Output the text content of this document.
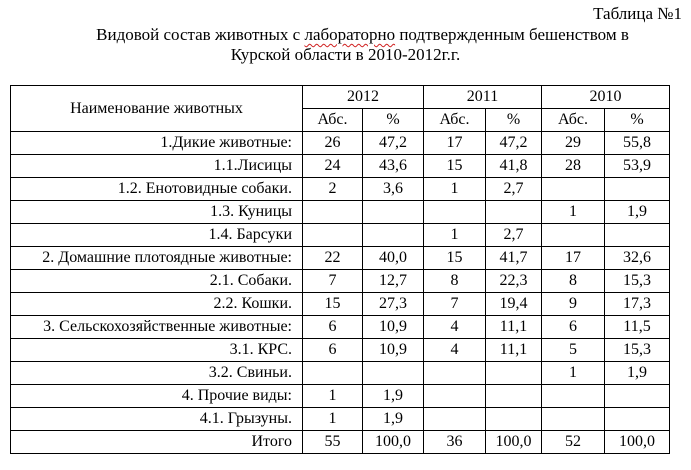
Таблица №1
Видовой состав животных с лабораторно подтвержденным бешенством в
Курской области в 2010-2012г.г.
Наименование животных	2012		2011		2010	
	Абс.	%	Абс.	%	Абс.	%
1.Дикие животные:	26	47,2	17	47,2	29	55,8
1.1.Лисицы	24	43,6	15	41,8	28	53,9
1.2. Енотовидные собаки.	2	3,6	1	2,7		
1.3. Куницы					1	1,9
1.4. Барсуки			1	2,7		
2. Домашние плотоядные животные:	22	40,0	15	41,7	17	32,6
2.1. Собаки.	7	12,7	8	22,3	8	15,3
2.2. Кошки.	15	27,3	7	19,4	9	17,3
3. Сельскохозяйственные животные:	6	10,9	4	11,1	6	11,5
3.1. КРС.	6	10,9	4	11,1	5	15,3
3.2. Свиньи.					1	1,9
4. Прочие виды:	1	1,9				
4.1. Грызуны.	1	1,9				
Итого	55	100,0	36	100,0	52	100,0
